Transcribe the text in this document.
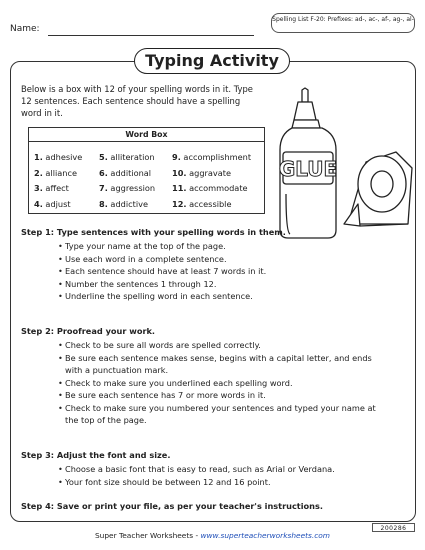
Name:
Spelling List F-20: Prefixes: ad-, ac-, af-, ag-, al-
Typing Activity
Below is a box with 12 of your spelling words in it. Type 12 sentences. Each sentence should have a spelling word in it.
Word Box
1. adhesive
2. alliance
3. affect
4. adjust
5. alliteration
6. additional
7. aggression
8. addictive
9. accomplishment
10. aggravate
11. accommodate
12. accessible
GLUE
Step 1: Type sentences with your spelling words in them.
• Type your name at the top of the page.
• Use each word in a complete sentence.
• Each sentence should have at least 7 words in it.
• Number the sentences 1 through 12.
• Underline the spelling word in each sentence.
Step 2: Proofread your work.
• Check to be sure all words are spelled correctly.
• Be sure each sentence makes sense, begins with a capital letter, and ends with a punctuation mark.
• Check to make sure you underlined each spelling word.
• Be sure each sentence has 7 or more words in it.
• Check to make sure you numbered your sentences and typed your name at the top of the page.
Step 3: Adjust the font and size.
• Choose a basic font that is easy to read, such as Arial or Verdana.
• Your font size should be between 12 and 16 point.
Step 4: Save or print your file, as per your teacher's instructions.
Super Teacher Worksheets - www.superteacherworksheets.com
200286
